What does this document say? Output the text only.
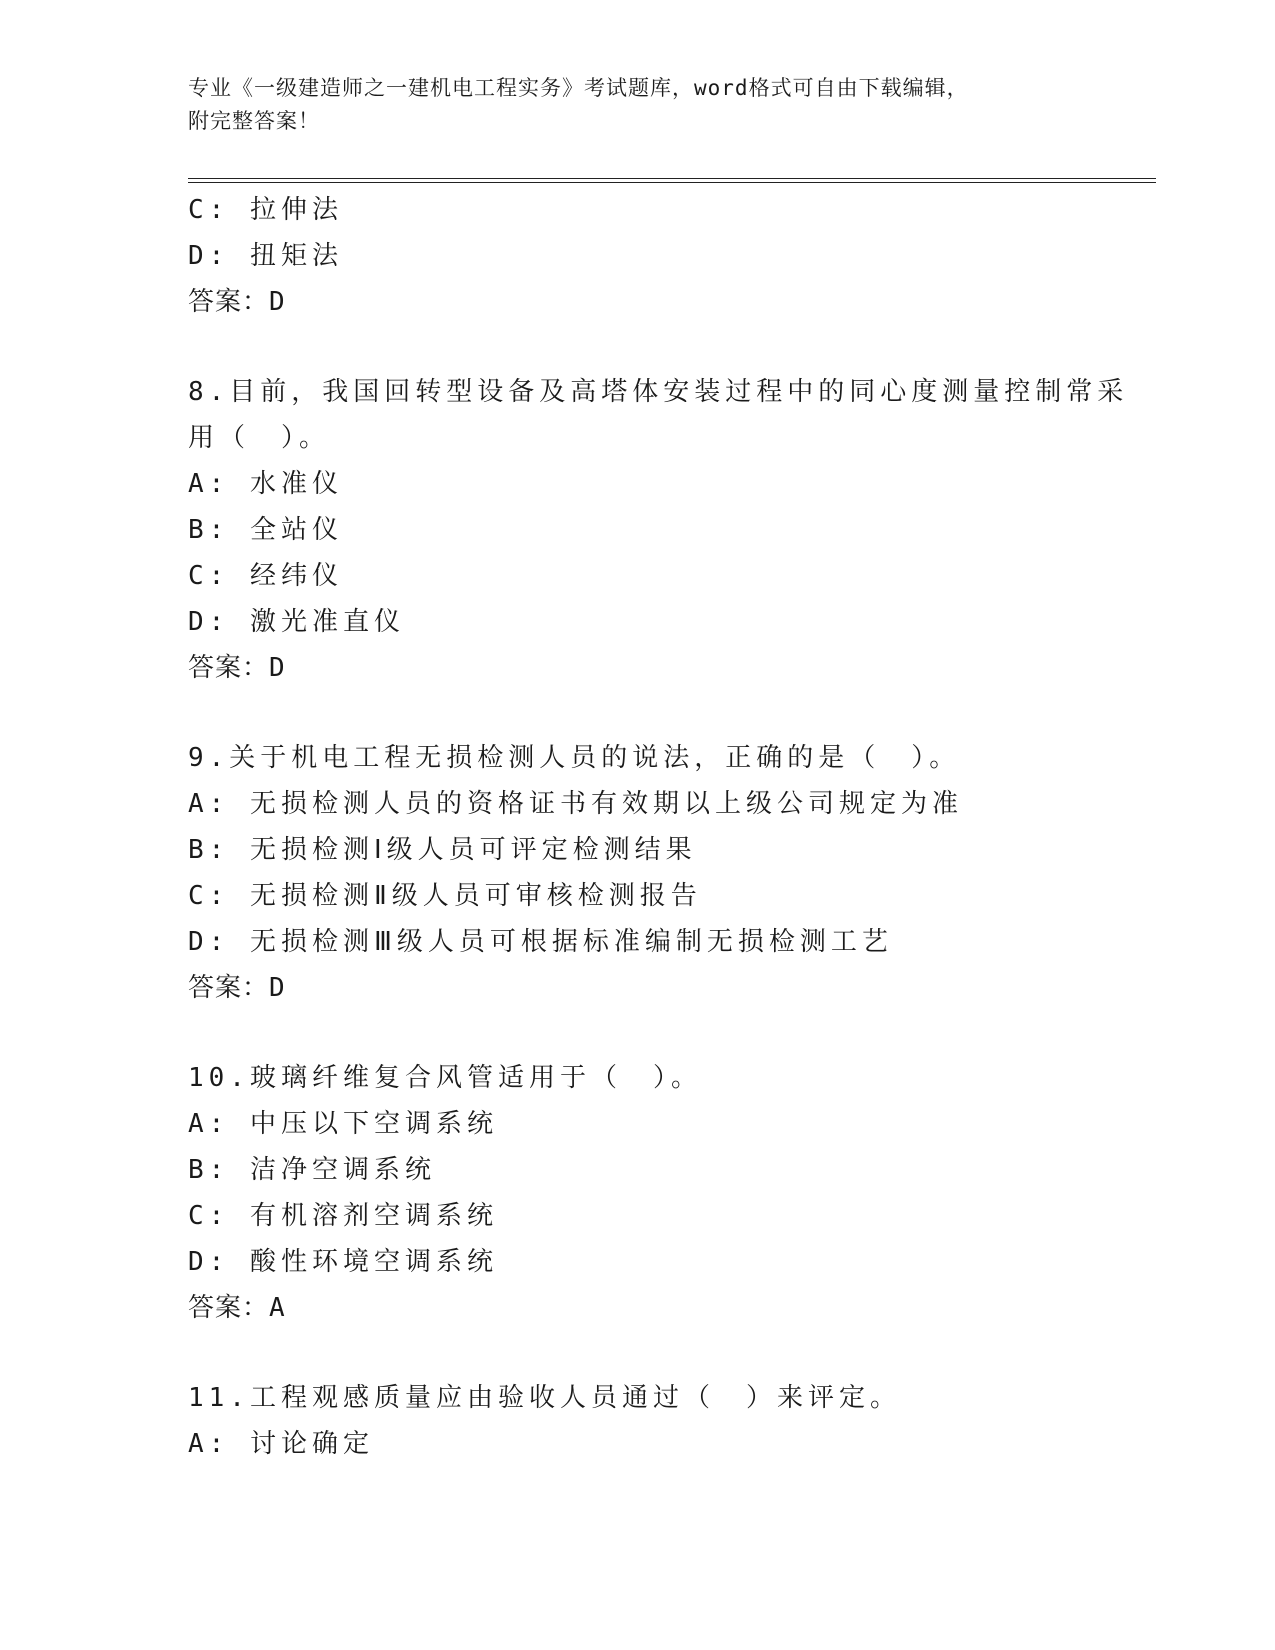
专业《一级建造师之一建机电工程实务》考试题库，word格式可自由下载编辑，
附完整答案！
C: 拉伸法
D: 扭矩法
答案：D
8.目前，我国回转型设备及高塔体安装过程中的同心度测量控制常采
用（　）。
A: 水准仪
B: 全站仪
C: 经纬仪
D: 激光准直仪
答案：D
9.关于机电工程无损检测人员的说法，正确的是（　）。
A: 无损检测人员的资格证书有效期以上级公司规定为准
B: 无损检测Ⅰ级人员可评定检测结果
C: 无损检测Ⅱ级人员可审核检测报告
D: 无损检测Ⅲ级人员可根据标准编制无损检测工艺
答案：D
10.玻璃纤维复合风管适用于（　）。
A: 中压以下空调系统
B: 洁净空调系统
C: 有机溶剂空调系统
D: 酸性环境空调系统
答案：A
11.工程观感质量应由验收人员通过（　）来评定。
A: 讨论确定
